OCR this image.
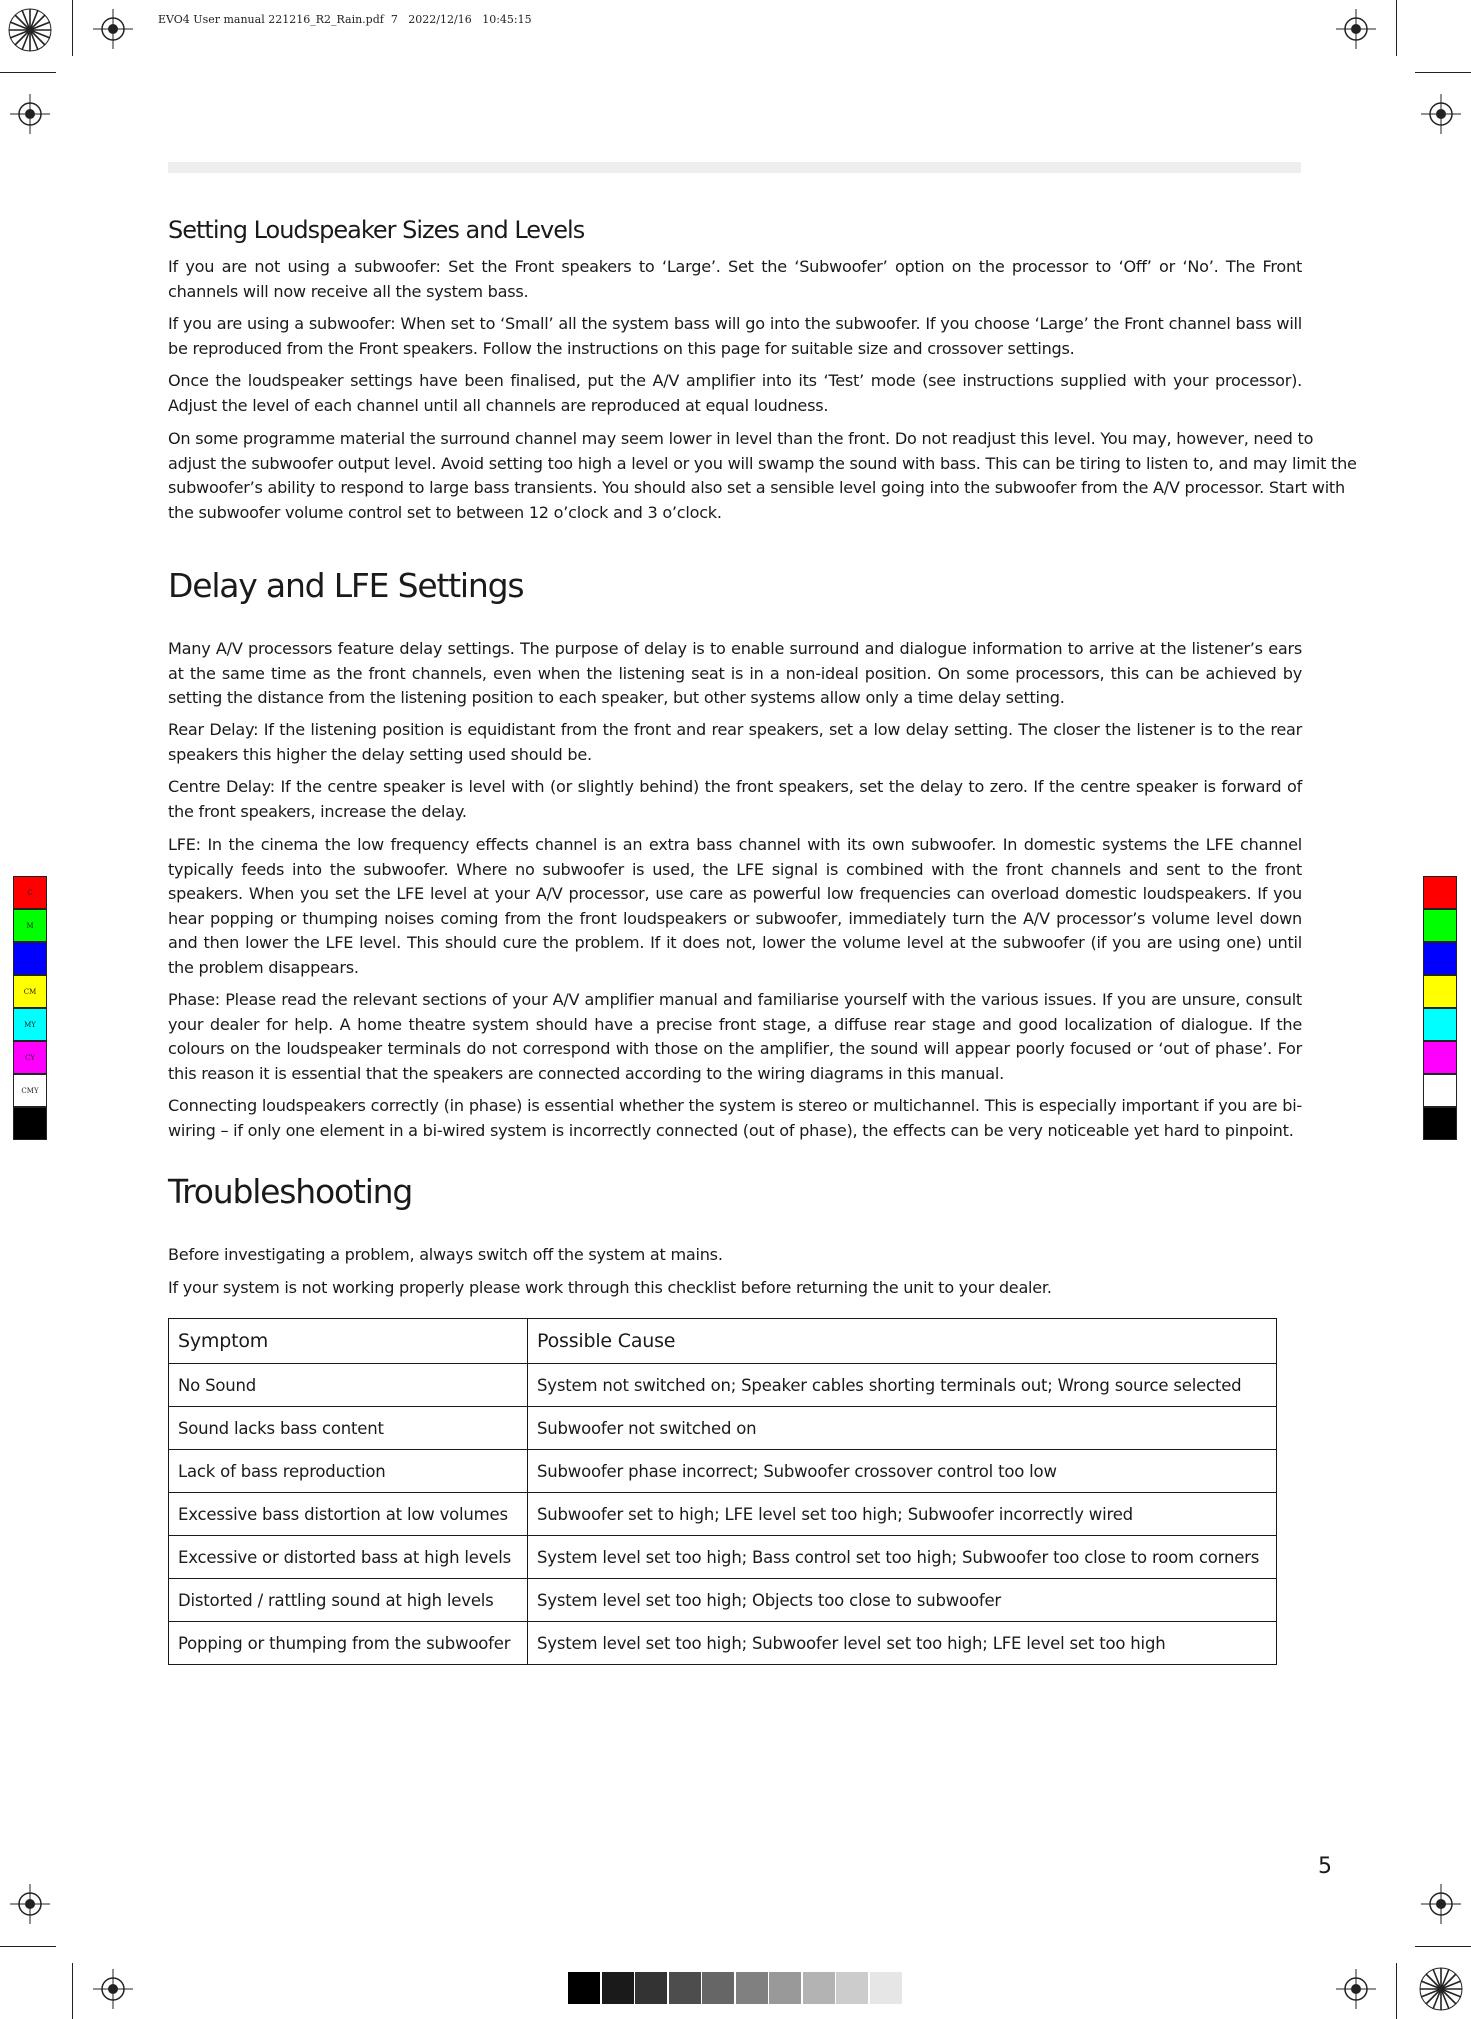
EVO4 User manual 221216_R2_Rain.pdf  7   2022/12/16   10:45:15
Setting Loudspeaker Sizes and Levels

If you are not using a subwoofer: Set the Front speakers to ‘Large’. Set the ‘Subwoofer’ option on the processor to ‘Off’ or ‘No’. The Front channels will now receive all the system bass.

If you are using a subwoofer: When set to ‘Small’ all the system bass will go into the subwoofer. If you choose ‘Large’ the Front channel bass will be reproduced from the Front speakers. Follow the instructions on this page for suitable size and crossover settings.

Once the loudspeaker settings have been finalised, put the A/V amplifier into its ‘Test’ mode (see instructions supplied with your processor). Adjust the level of each channel until all channels are reproduced at equal loudness.

On some programme material the surround channel may seem lower in level than the front. Do not readjust this level. You may, however, need to adjust the subwoofer output level. Avoid setting too high a level or you will swamp the sound with bass. This can be tiring to listen to, and may limit the subwoofer’s ability to respond to large bass transients. You should also set a sensible level going into the subwoofer from the A/V processor. Start with the subwoofer volume control set to between 12 o’clock and 3 o’clock.

Delay and LFE Settings

Many A/V processors feature delay settings. The purpose of delay is to enable surround and dialogue information to arrive at the listener’s ears at the same time as the front channels, even when the listening seat is in a non-ideal position. On some processors, this can be achieved by setting the distance from the listening position to each speaker, but other systems allow only a time delay setting.

Rear Delay: If the listening position is equidistant from the front and rear speakers, set a low delay setting. The closer the listener is to the rear speakers this higher the delay setting used should be.

Centre Delay: If the centre speaker is level with (or slightly behind) the front speakers, set the delay to zero. If the centre speaker is forward of the front speakers, increase the delay.

LFE: In the cinema the low frequency effects channel is an extra bass channel with its own subwoofer. In domestic systems the LFE channel typically feeds into the subwoofer. Where no subwoofer is used, the LFE signal is combined with the front channels and sent to the front speakers. When you set the LFE level at your A/V processor, use care as powerful low frequencies can overload domestic loudspeakers. If you hear popping or thumping noises coming from the front loudspeakers or subwoofer, immediately turn the A/V processor’s volume level down and then lower the LFE level. This should cure the problem. If it does not, lower the volume level at the subwoofer (if you are using one) until the problem disappears.

Phase: Please read the relevant sections of your A/V amplifier manual and familiarise yourself with the various issues. If you are unsure, consult your dealer for help. A home theatre system should have a precise front stage, a diffuse rear stage and good localization of dialogue. If the colours on the loudspeaker terminals do not correspond with those on the amplifier, the sound will appear poorly focused or ‘out of phase’. For this reason it is essential that the speakers are connected according to the wiring diagrams in this manual.

Connecting loudspeakers correctly (in phase) is essential whether the system is stereo or multichannel. This is especially important if you are bi-wiring – if only one element in a bi-wired system is incorrectly connected (out of phase), the effects can be very noticeable yet hard to pinpoint.

Troubleshooting

Before investigating a problem, always switch off the system at mains.

If your system is not working properly please work through this checklist before returning the unit to your dealer.

Symptom	Possible Cause
No Sound	System not switched on; Speaker cables shorting terminals out; Wrong source selected
Sound lacks bass content	Subwoofer not switched on
Lack of bass reproduction	Subwoofer phase incorrect; Subwoofer crossover control too low
Excessive bass distortion at low volumes	Subwoofer set to high; LFE level set too high; Subwoofer incorrectly wired
Excessive or distorted bass at high levels	System level set too high; Bass control set too high; Subwoofer too close to room corners
Distorted / rattling sound at high levels	System level set too high; Objects too close to subwoofer
Popping or thumping from the subwoofer	System level set too high; Subwoofer level set too high; LFE level set too high
5
C
M
CM
MY
CY
CMY
